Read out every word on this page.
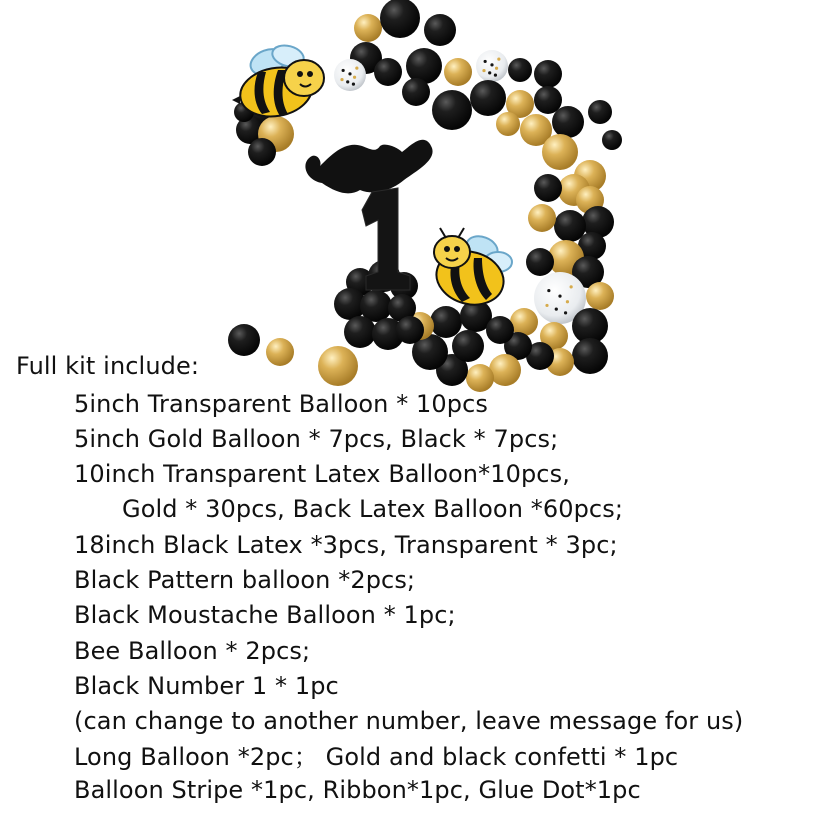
Full kit include:

5inch Transparent Balloon * 10pcs

5inch Gold Balloon * 7pcs, Black * 7pcs;

10inch Transparent Latex Balloon*10pcs,

Gold * 30pcs, Back Latex Balloon *60pcs;

18inch Black Latex *3pcs, Transparent * 3pc;

Black Pattern balloon *2pcs;

Black Moustache Balloon * 1pc;

Bee Balloon * 2pcs;

Black Number 1 * 1pc

(can change to another number, leave message for us)

Long Balloon *2pc； Gold and black confetti * 1pc

Balloon Stripe *1pc, Ribbon*1pc, Glue Dot*1pc
